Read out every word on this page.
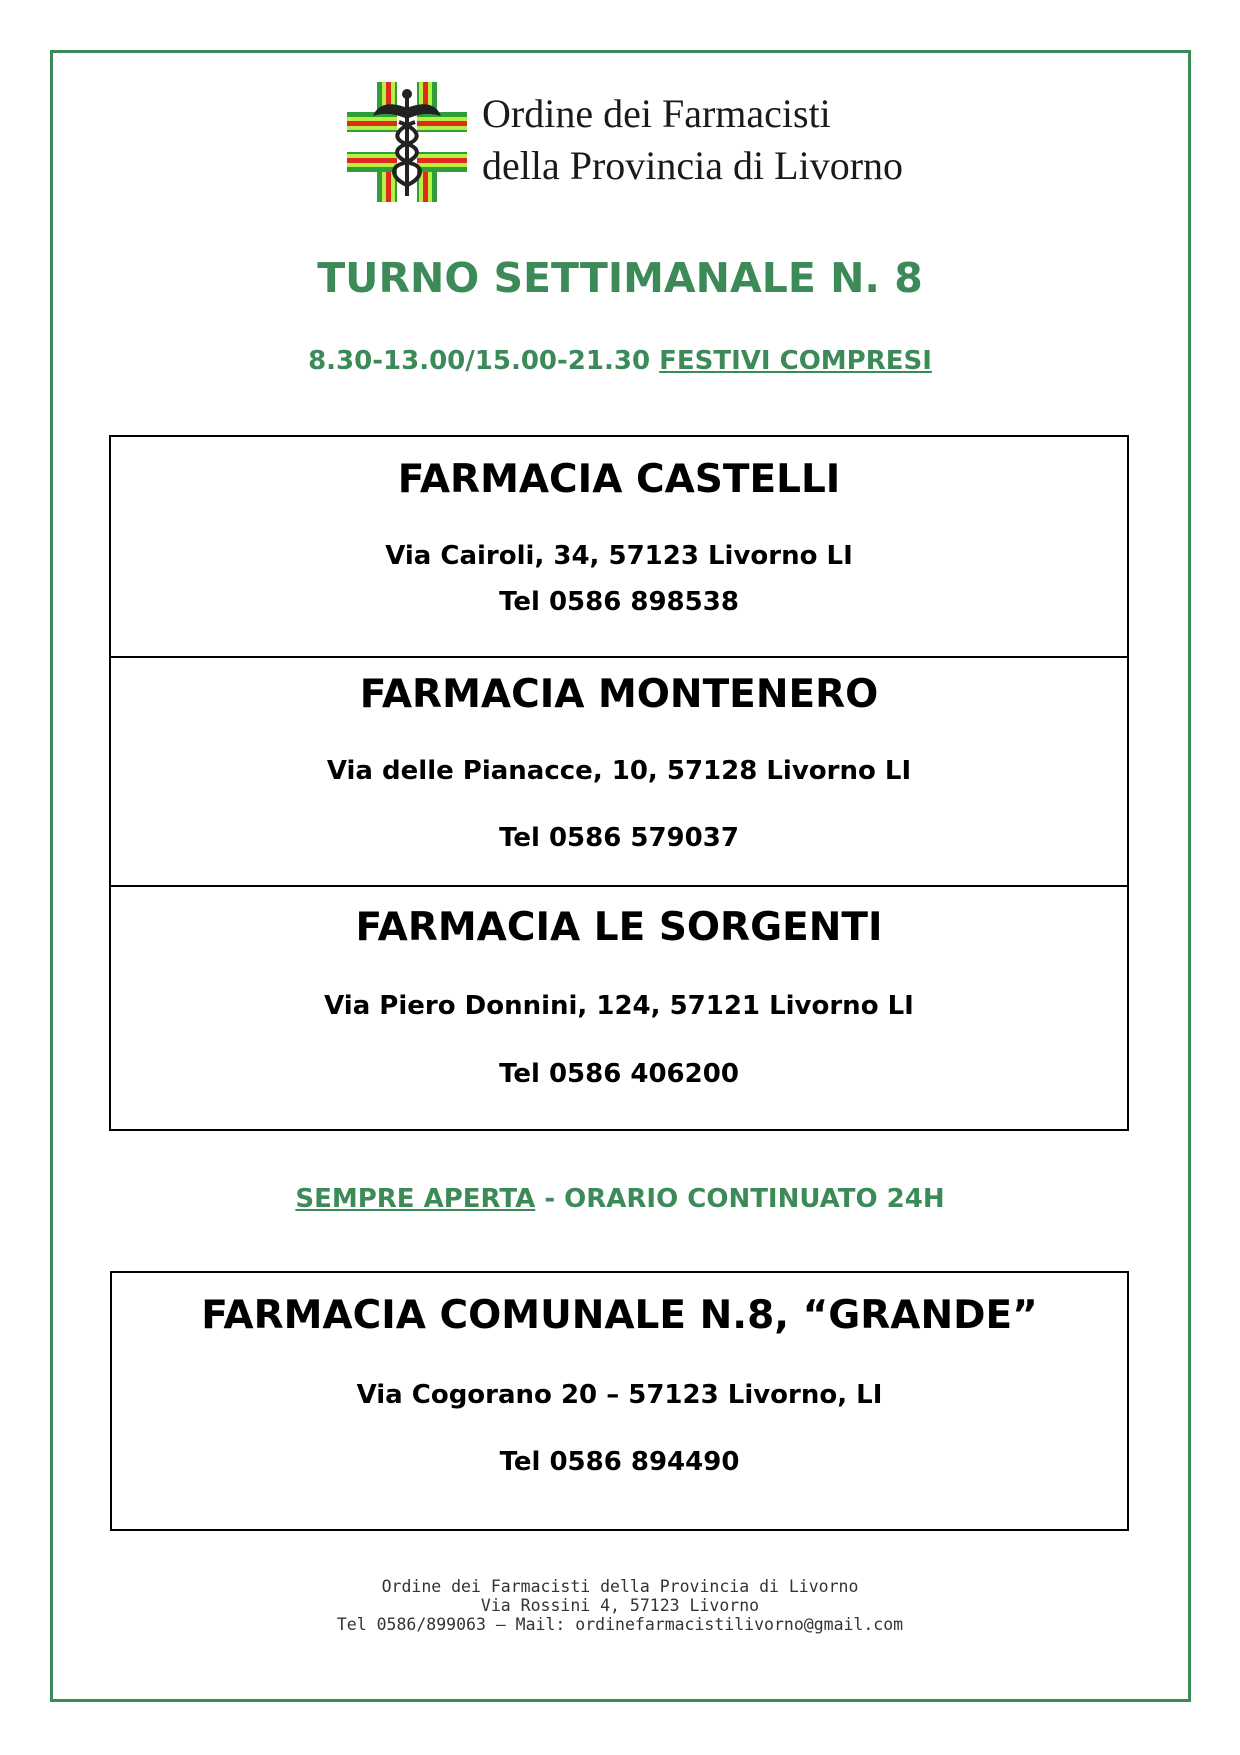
Ordine dei Farmacisti
della Provincia di Livorno
TURNO SETTIMANALE N. 8
8.30-13.00/15.00-21.30 FESTIVI COMPRESI
FARMACIA CASTELLI
Via Cairoli, 34, 57123 Livorno LI
Tel 0586 898538
FARMACIA MONTENERO
Via delle Pianacce, 10, 57128 Livorno LI
Tel 0586 579037
FARMACIA LE SORGENTI
Via Piero Donnini, 124, 57121 Livorno LI
Tel 0586 406200
SEMPRE APERTA - ORARIO CONTINUATO 24H
FARMACIA COMUNALE N.8, “GRANDE”
Via Cogorano 20 – 57123 Livorno, LI
Tel 0586 894490
Ordine dei Farmacisti della Provincia di Livorno
Via Rossini 4, 57123 Livorno
Tel 0586/899063 – Mail: ordinefarmacistilivorno@gmail.com
